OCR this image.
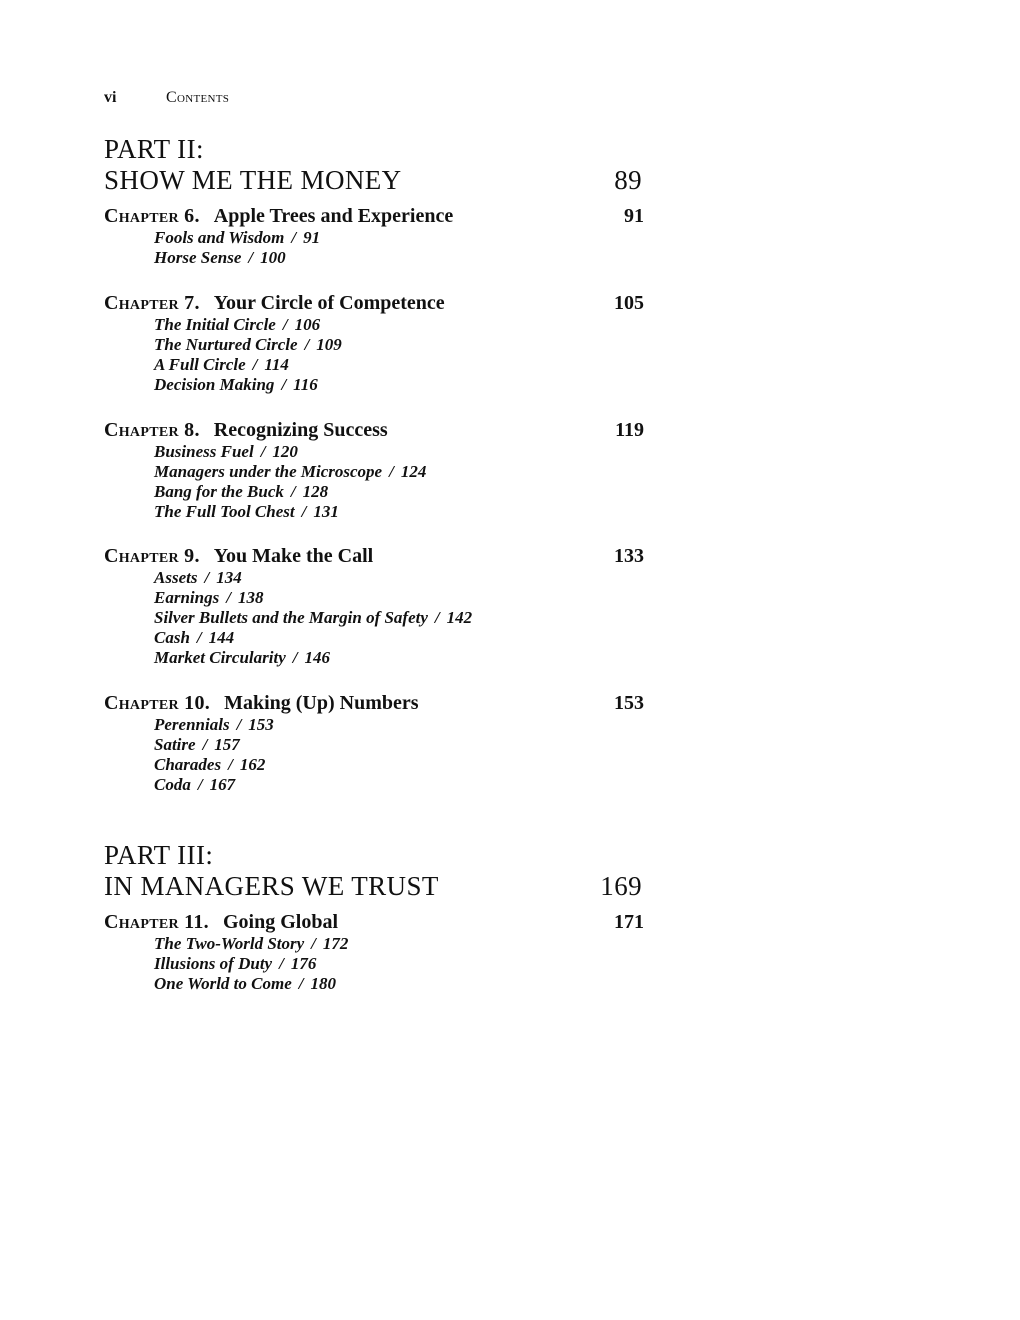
vi	Contents
PART II:
SHOW ME THE MONEY	89
Chapter 6. Apple Trees and Experience	91
Fools and Wisdom / 91
Horse Sense / 100
Chapter 7. Your Circle of Competence	105
The Initial Circle / 106
The Nurtured Circle / 109
A Full Circle / 114
Decision Making / 116
Chapter 8. Recognizing Success	119
Business Fuel / 120
Managers under the Microscope / 124
Bang for the Buck / 128
The Full Tool Chest / 131
Chapter 9. You Make the Call	133
Assets / 134
Earnings / 138
Silver Bullets and the Margin of Safety / 142
Cash / 144
Market Circularity / 146
Chapter 10. Making (Up) Numbers	153
Perennials / 153
Satire / 157
Charades / 162
Coda / 167
PART III:
IN MANAGERS WE TRUST	169
Chapter 11. Going Global	171
The Two-World Story / 172
Illusions of Duty / 176
One World to Come / 180
